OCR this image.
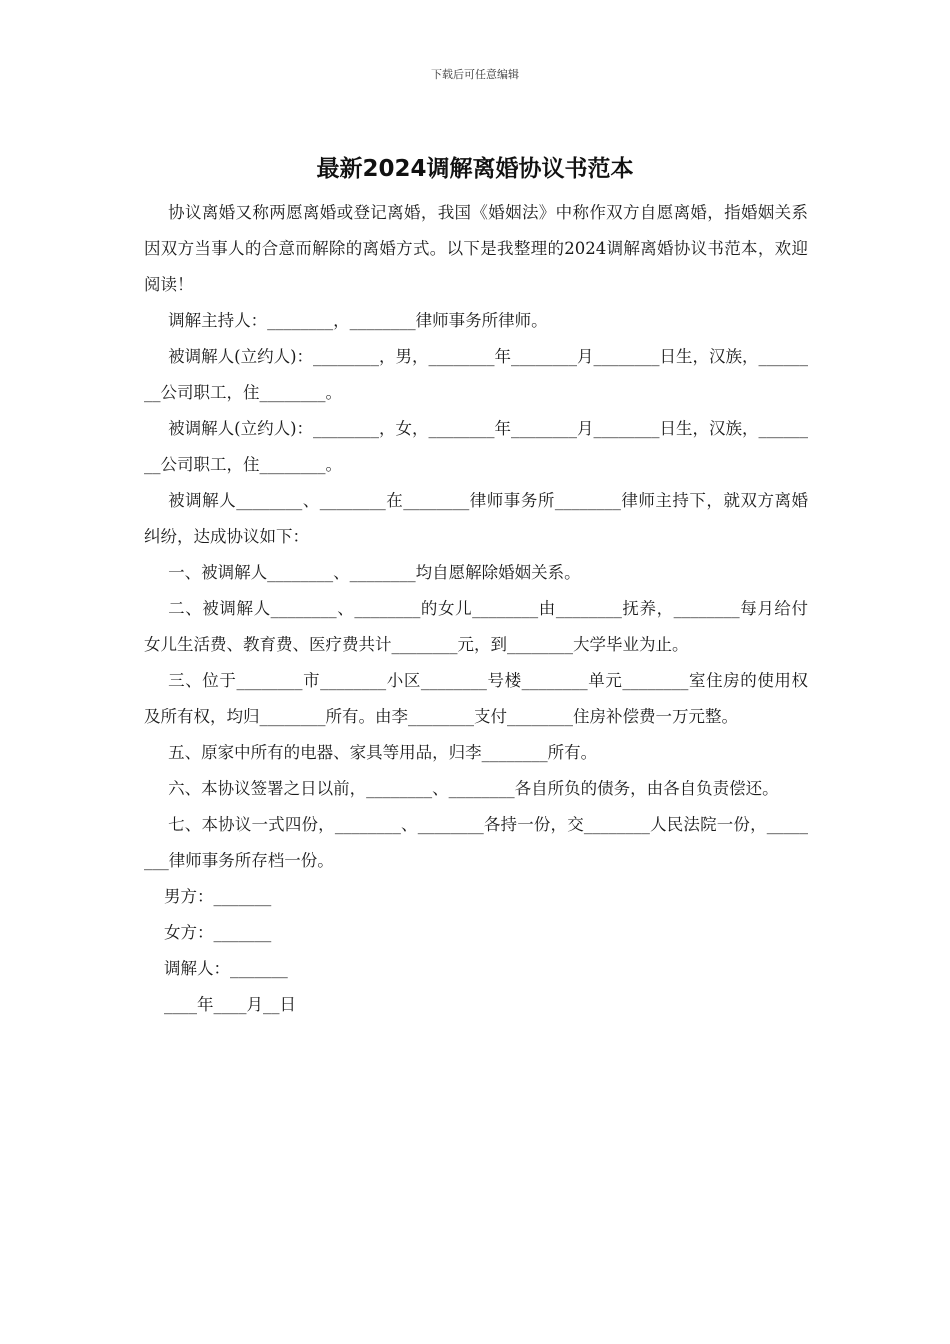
下载后可任意编辑
最新2024调解离婚协议书范本

协议离婚又称两愿离婚或登记离婚，我国《婚姻法》中称作双方自愿离婚，指婚姻关系因双方当事人的合意而解除的离婚方式。以下是我整理的2024调解离婚协议书范本，欢迎阅读！

调解主持人：________，________律师事务所律师。

被调解人(立约人)：________，男，________年________月________日生，汉族，________公司职工，住________。

被调解人(立约人)：________，女，________年________月________日生，汉族，________公司职工，住________。

被调解人________、________在________律师事务所________律师主持下，就双方离婚纠纷，达成协议如下：

一、被调解人________、________均自愿解除婚姻关系。

二、被调解人________、________的女儿________由________抚养，________每月给付女儿生活费、教育费、医疗费共计________元，到________大学毕业为止。

三、位于________市________小区________号楼________单元________室住房的使用权及所有权，均归________所有。由李________支付________住房补偿费一万元整。

五、原家中所有的电器、家具等用品，归李________所有。

六、本协议签署之日以前，________、________各自所负的债务，由各自负责偿还。

七、本协议一式四份，________、________各持一份，交________人民法院一份，________律师事务所存档一份。

男方：_______

女方：_______

调解人：_______

____年____月__日
